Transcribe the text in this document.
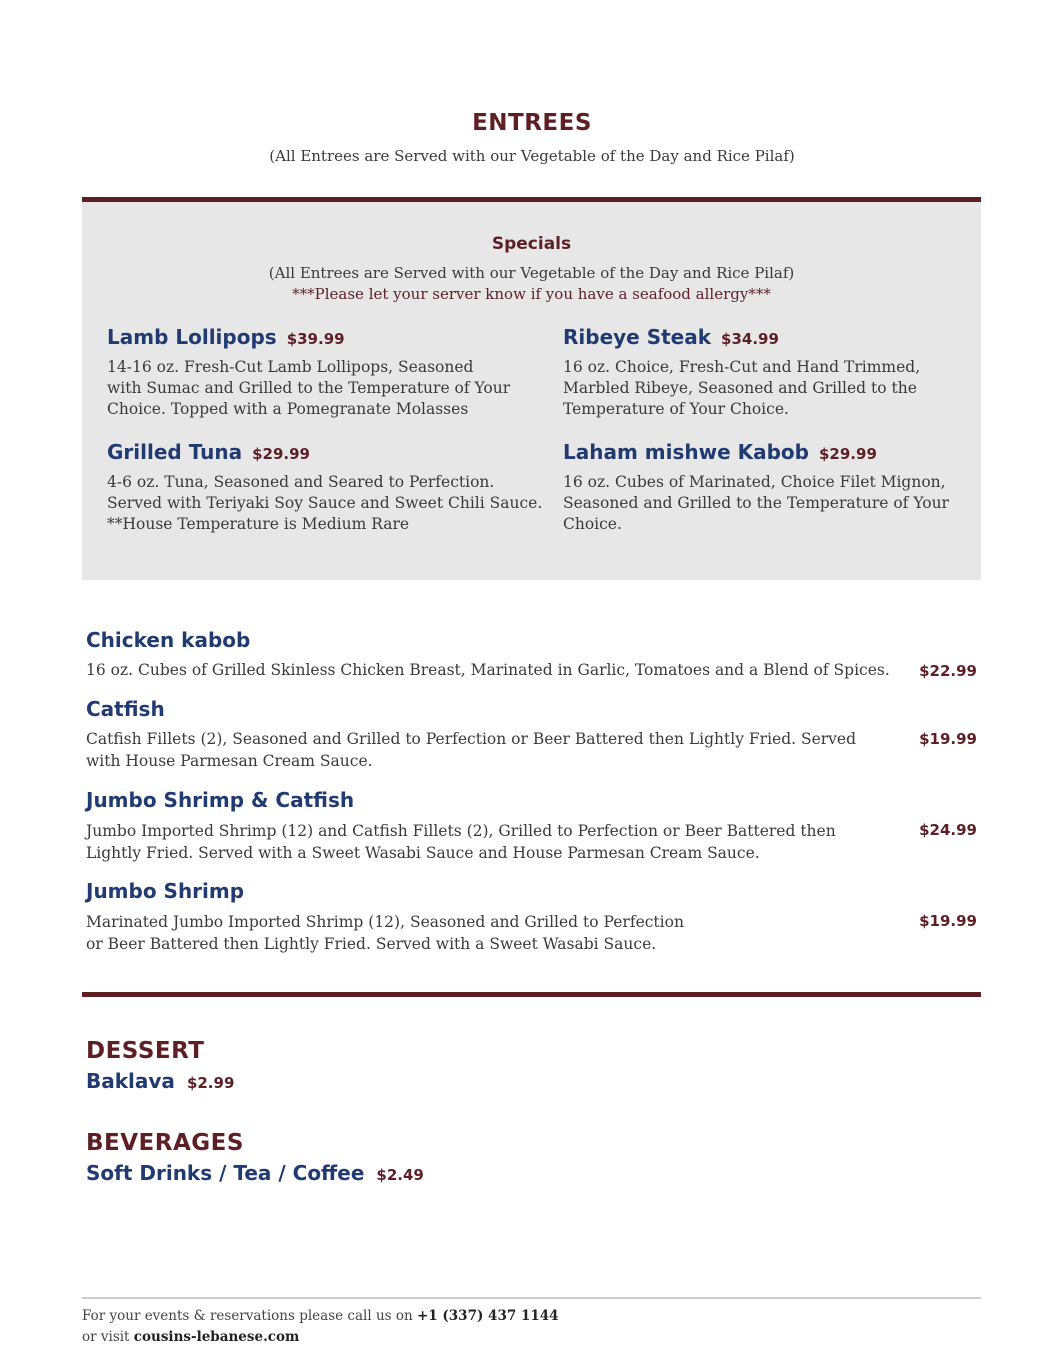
ENTREES
(All Entrees are Served with our Vegetable of the Day and Rice Pilaf)
Specials
(All Entrees are Served with our Vegetable of the Day and Rice Pilaf)
***Please let your server know if you have a seafood allergy***
Lamb Lollipops $39.99
14-16 oz. Fresh-Cut Lamb Lollipops, Seasoned
with Sumac and Grilled to the Temperature of Your
Choice. Topped with a Pomegranate Molasses
Ribeye Steak $34.99
16 oz. Choice, Fresh-Cut and Hand Trimmed,
Marbled Ribeye, Seasoned and Grilled to the
Temperature of Your Choice.
Grilled Tuna $29.99
4-6 oz. Tuna, Seasoned and Seared to Perfection.
Served with Teriyaki Soy Sauce and Sweet Chili Sauce.
**House Temperature is Medium Rare
Laham mishwe Kabob $29.99
16 oz. Cubes of Marinated, Choice Filet Mignon,
Seasoned and Grilled to the Temperature of Your
Choice.
Chicken kabob
16 oz. Cubes of Grilled Skinless Chicken Breast, Marinated in Garlic, Tomatoes and a Blend of Spices.	$22.99
Catfish
Catfish Fillets (2), Seasoned and Grilled to Perfection or Beer Battered then Lightly Fried. Served
with House Parmesan Cream Sauce.
$19.99
Jumbo Shrimp & Catfish
Jumbo Imported Shrimp (12) and Catfish Fillets (2), Grilled to Perfection or Beer Battered then
Lightly Fried. Served with a Sweet Wasabi Sauce and House Parmesan Cream Sauce.
$24.99
Jumbo Shrimp
Marinated Jumbo Imported Shrimp (12), Seasoned and Grilled to Perfection
or Beer Battered then Lightly Fried. Served with a Sweet Wasabi Sauce.
$19.99
DESSERT
Baklava $2.99
BEVERAGES
Soft Drinks / Tea / Coffee $2.49
For your events & reservations please call us on +1 (337) 437 1144
or visit cousins-lebanese.com
